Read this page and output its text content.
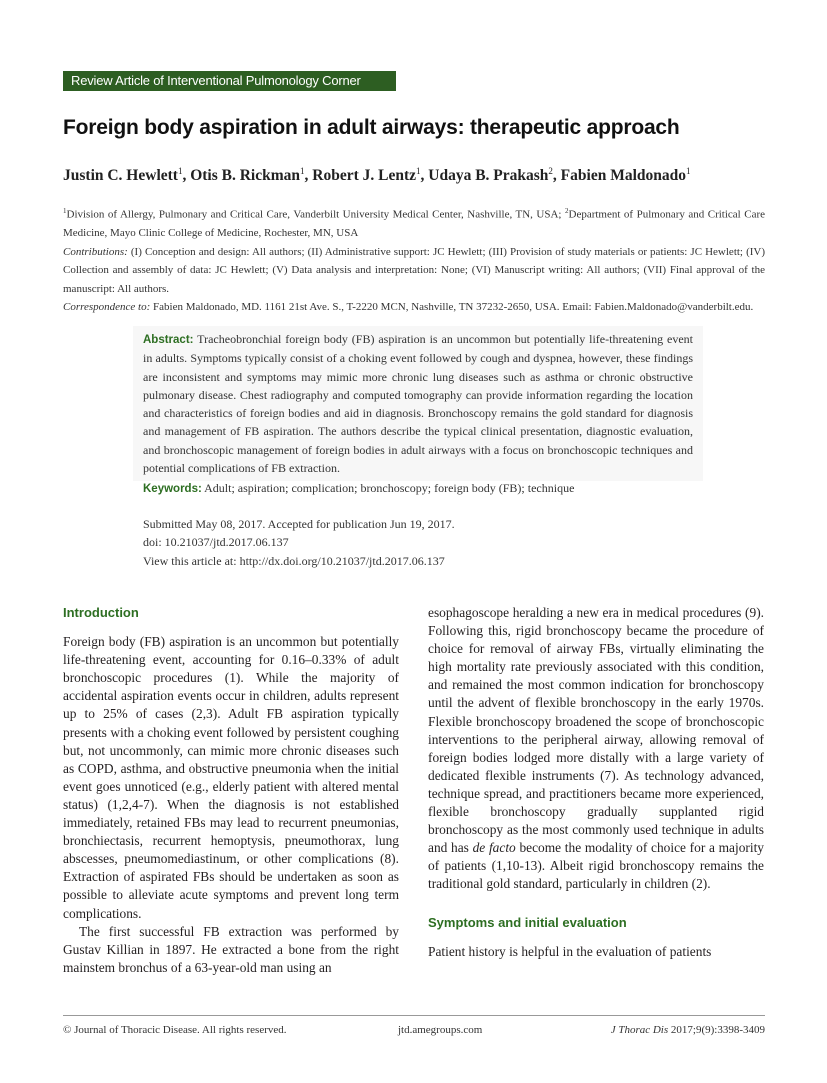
Review Article of Interventional Pulmonology Corner
Foreign body aspiration in adult airways: therapeutic approach
Justin C. Hewlett$^1$, Otis B. Rickman$^1$, Robert J. Lentz$^1$, Udaya B. Prakash$^2$, Fabien Maldonado$^1$
$^1$Division of Allergy, Pulmonary and Critical Care, Vanderbilt University Medical Center, Nashville, TN, USA; $^2$Department of Pulmonary and Critical Care Medicine, Mayo Clinic College of Medicine, Rochester, MN, USA
Contributions: (I) Conception and design: All authors; (II) Administrative support: JC Hewlett; (III) Provision of study materials or patients: JC Hewlett; (IV) Collection and assembly of data: JC Hewlett; (V) Data analysis and interpretation: None; (VI) Manuscript writing: All authors; (VII) Final approval of the manuscript: All authors.
Correspondence to: Fabien Maldonado, MD. 1161 21st Ave. S., T-2220 MCN, Nashville, TN 37232-2650, USA. Email: Fabien.Maldonado@vanderbilt.edu.
Abstract: Tracheobronchial foreign body (FB) aspiration is an uncommon but potentially life-threatening event in adults. Symptoms typically consist of a choking event followed by cough and dyspnea, however, these findings are inconsistent and symptoms may mimic more chronic lung diseases such as asthma or chronic obstructive pulmonary disease. Chest radiography and computed tomography can provide information regarding the location and characteristics of foreign bodies and aid in diagnosis. Bronchoscopy remains the gold standard for diagnosis and management of FB aspiration. The authors describe the typical clinical presentation, diagnostic evaluation, and bronchoscopic management of foreign bodies in adult airways with a focus on bronchoscopic techniques and potential complications of FB extraction.
Keywords: Adult; aspiration; complication; bronchoscopy; foreign body (FB); technique
Submitted May 08, 2017. Accepted for publication Jun 19, 2017.
doi: 10.21037/jtd.2017.06.137
View this article at: http://dx.doi.org/10.21037/jtd.2017.06.137
Introduction

Foreign body (FB) aspiration is an uncommon but potentially life-threatening event, accounting for 0.16–0.33% of adult bronchoscopic procedures (1). While the majority of accidental aspiration events occur in children, adults represent up to 25% of cases (2,3). Adult FB aspiration typically presents with a choking event followed by persistent coughing but, not uncommonly, can mimic more chronic diseases such as COPD, asthma, and obstructive pneumonia when the initial event goes unnoticed (e.g., elderly patient with altered mental status) (1,2,4-7). When the diagnosis is not established immediately, retained FBs may lead to recurrent pneumonias, bronchiectasis, recurrent hemoptysis, pneumothorax, lung abscesses, pneumomediastinum, or other complications (8). Extraction of aspirated FBs should be undertaken as soon as possible to alleviate acute symptoms and prevent long term complications.

The first successful FB extraction was performed by Gustav Killian in 1897. He extracted a bone from the right mainstem bronchus of a 63-year-old man using an

esophagoscope heralding a new era in medical procedures (9). Following this, rigid bronchoscopy became the procedure of choice for removal of airway FBs, virtually eliminating the high mortality rate previously associated with this condition, and remained the most common indication for bronchoscopy until the advent of flexible bronchoscopy in the early 1970s. Flexible bronchoscopy broadened the scope of bronchoscopic interventions to the peripheral airway, allowing removal of foreign bodies lodged more distally with a large variety of dedicated flexible instruments (7). As technology advanced, technique spread, and practitioners became more experienced, flexible bronchoscopy gradually supplanted rigid bronchoscopy as the most commonly used technique in adults and has de facto become the modality of choice for a majority of patients (1,10-13). Albeit rigid bronchoscopy remains the traditional gold standard, particularly in children (2).

Symptoms and initial evaluation

Patient history is helpful in the evaluation of patients

© Journal of Thoracic Disease. All rights reserved.	jtd.amegroups.com	J Thorac Dis 2017;9(9):3398-3409
